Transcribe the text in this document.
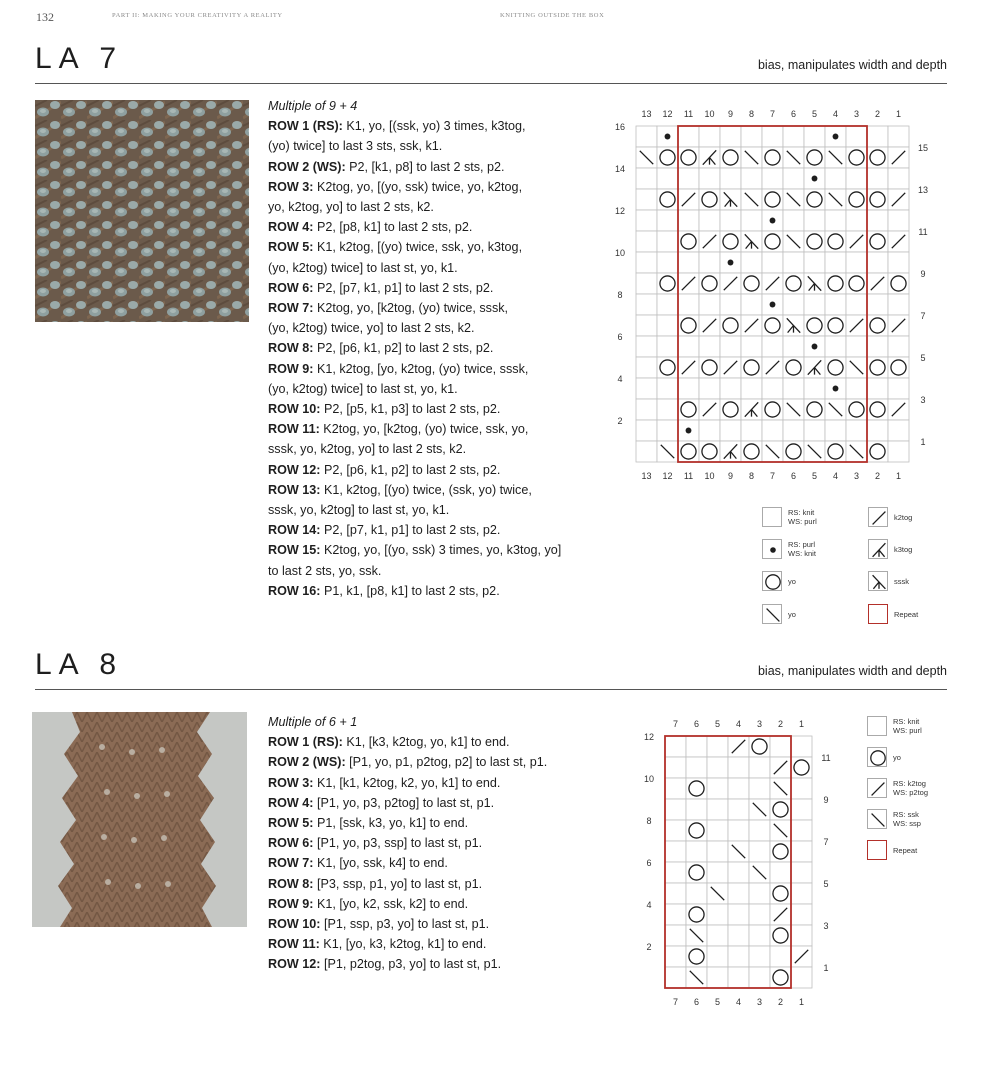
132	PART II: MAKING YOUR CREATIVITY A REALITY	KNITTING OUTSIDE THE BOX
LA 7	bias, manipulates width and depth
Multiple of 9 + 4
ROW 1 (RS): K1, yo, [(ssk, yo) 3 times, k3tog,
(yo) twice] to last 3 sts, ssk, k1.
ROW 2 (WS): P2, [k1, p8] to last 2 sts, p2.
ROW 3: K2tog, yo, [(yo, ssk) twice, yo, k2tog,
yo, k2tog, yo] to last 2 sts, k2.
ROW 4: P2, [p8, k1] to last 2 sts, p2.
ROW 5: K1, k2tog, [(yo) twice, ssk, yo, k3tog,
(yo, k2tog) twice] to last st, yo, k1.
ROW 6: P2, [p7, k1, p1] to last 2 sts, p2.
ROW 7: K2tog, yo, [k2tog, (yo) twice, sssk,
(yo, k2tog) twice, yo] to last 2 sts, k2.
ROW 8: P2, [p6, k1, p2] to last 2 sts, p2.
ROW 9: K1, k2tog, [yo, k2tog, (yo) twice, sssk,
(yo, k2tog) twice] to last st, yo, k1.
ROW 10: P2, [p5, k1, p3] to last 2 sts, p2.
ROW 11: K2tog, yo, [k2tog, (yo) twice, ssk, yo,
sssk, yo, k2tog, yo] to last 2 sts, k2.
ROW 12: P2, [p6, k1, p2] to last 2 sts, p2.
ROW 13: K1, k2tog, [(yo) twice, (ssk, yo) twice,
sssk, yo, k2tog] to last st, yo, k1.
ROW 14: P2, [p7, k1, p1] to last 2 sts, p2.
ROW 15: K2tog, yo, [(yo, ssk) 3 times, yo, k3tog, yo]
to last 2 sts, yo, ssk.
ROW 16: P1, k1, [p8, k1] to last 2 sts, p2.
13
13
12
12
11
11
10
10
9
9
8
8
7
7
6
6
5
5
4
4
3
3
2
2
1
1
15
13
11
9
7
5
3
1
16
14
12
10
8
6
4
2
RS: knit
WS: purl	k2tog
RS: purl
WS: knit	k3tog
yo	sssk
yo	Repeat
LA 8	bias, manipulates width and depth
Multiple of 6 + 1
ROW 1 (RS): K1, [k3, k2tog, yo, k1] to end.
ROW 2 (WS): [P1, yo, p1, p2tog, p2] to last st, p1.
ROW 3: K1, [k1, k2tog, k2, yo, k1] to end.
ROW 4: [P1, yo, p3, p2tog] to last st, p1.
ROW 5: P1, [ssk, k3, yo, k1] to end.
ROW 6: [P1, yo, p3, ssp] to last st, p1.
ROW 7: K1, [yo, ssk, k4] to end.
ROW 8: [P3, ssp, p1, yo] to last st, p1.
ROW 9: K1, [yo, k2, ssk, k2] to end.
ROW 10: [P1, ssp, p3, yo] to last st, p1.
ROW 11: K1, [yo, k3, k2tog, k1] to end.
ROW 12: [P1, p2tog, p3, yo] to last st, p1.
7
7
6
6
5
5
4
4
3
3
2
2
1
1
11
9
7
5
3
1
12
10
8
6
4
2
RS: knit
WS: purl
yo
RS: k2tog
WS: p2tog
RS: ssk
WS: ssp
Repeat
